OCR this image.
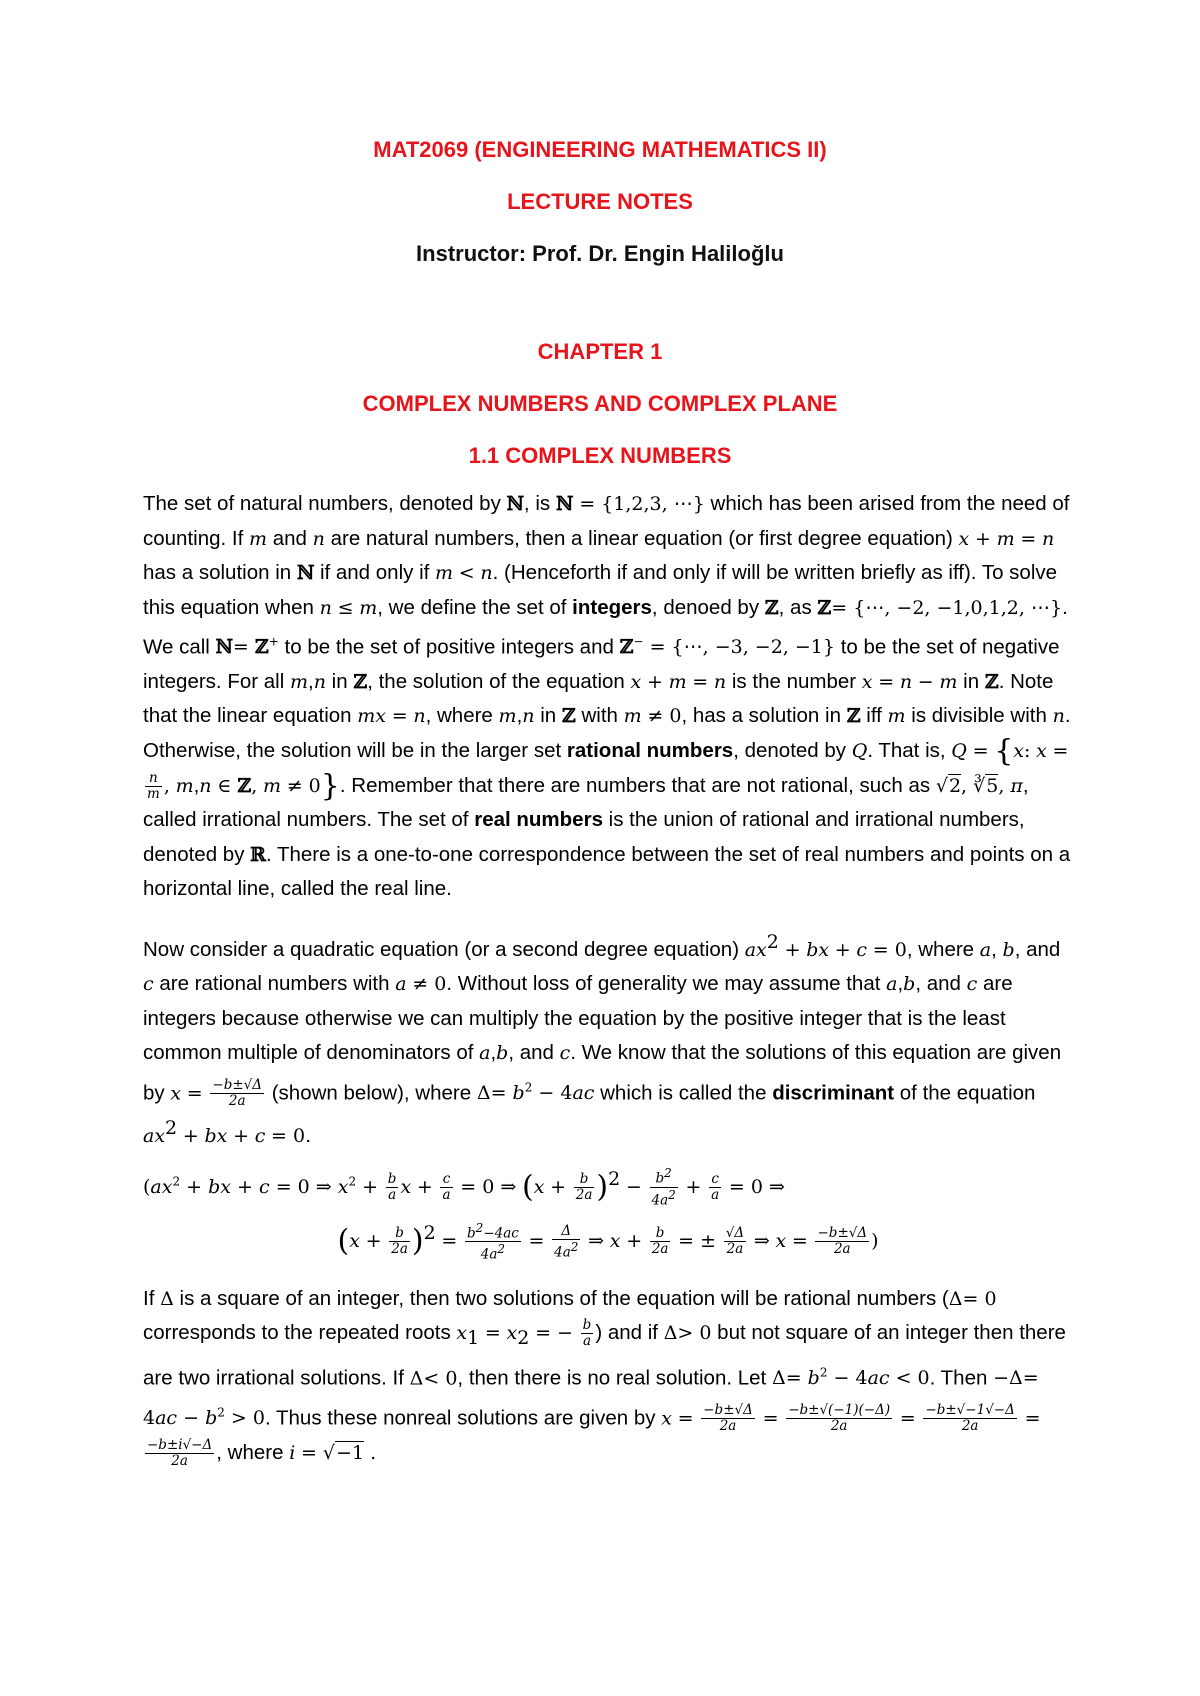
MAT2069 (ENGINEERING MATHEMATICS II)
LECTURE NOTES
Instructor: Prof. Dr. Engin Haliloğlu
CHAPTER 1
COMPLEX NUMBERS AND COMPLEX PLANE
1.1 COMPLEX NUMBERS

The set of natural numbers, denoted by ℕ, is ℕ = {1,2,3, ⋯} which has been arised from the need of counting. If m and n are natural numbers, then a linear equation (or first degree equation) x + m = n has a solution in ℕ if and only if m < n. (Henceforth if and only if will be written briefly as iff). To solve this equation when n ≤ m, we define the set of integers, denoed by ℤ, as ℤ= {⋯, −2, −1,0,1,2, ⋯}. We call ℕ= ℤ+ to be the set of positive integers and ℤ− = {⋯, −3, −2, −1} to be the set of negative integers. For all m,n in ℤ, the solution of the equation x + m = n is the number x = n − m in ℤ. Note that the linear equation mx = n, where m,n in ℤ with m ≠ 0, has a solution in ℤ iff m is divisible with n. Otherwise, the solution will be in the larger set rational numbers, denoted by Q. That is, Q = {x: x =
$\frac{n}{m}$ , m,n ∈ ℤ, m ≠ 0}. Remember that there are numbers that are not rational, such as √2, ∛5, π, called irrational numbers. The set of real numbers is the union of rational and irrational numbers, denoted by ℝ. There is a one-to-one correspondence between the set of real numbers and points on a horizontal line, called the real line.

Now consider a quadratic equation (or a second degree equation) $ax^2$ + bx + c = 0, where a, b, and c are rational numbers with a ≠ 0. Without loss of generality we may assume that a,b, and c are integers because otherwise we can multiply the equation by the positive integer that is the least common multiple of denominators of a,b, and c. We know that the solutions of this equation are given by $x = \frac{-b\pm√\Delta}{2a}$ (shown below), where $\Delta= b^2 - 4ac$ which is called the discriminant of the equation $ax^2$ + bx + c = 0.

($ax^2$ + bx + c = 0 ⇒ $x^2 + \frac{b}{a}$ $x + \frac{c}{a} = 0$ ⇒ $(x + \frac{b}{2a} )^2 - \frac{b^2}{4a^2} + \frac{c}{a} = 0$ ⇒
$(x + \frac{b}{2a} )^2 = \frac{b^2-4ac}{4a^2} = \frac{\Delta}{4a^2}$ ⇒ $x + \frac{b}{2a}$ = ± $\frac{√\Delta}{2a}$ ⇒ $x = \frac{-b\pm√\Delta}{2a}$ )

If Δ is a square of an integer, then two solutions of the equation will be rational numbers (Δ= 0 corresponds to the repeated roots $x_1 = x_2$ = − $\frac{b}{a}$ ) and if Δ> 0 but not square of an integer then there are two irrational solutions. If Δ< 0, then there is no real solution. Let $\Delta= b^2 - 4ac < 0$. Then $-\Delta= 4ac - b^2 > 0$. Thus these nonreal solutions are given by $x = \frac{-b\pm√\Delta}{2a} = \frac{-b\pm√(-1)(-\Delta)}{2a} = \frac{-b\pm√-1√-\Delta}{2a}$ =
$\frac{-b\pm i√-\Delta}{2a}$ , where i = √−1 .
